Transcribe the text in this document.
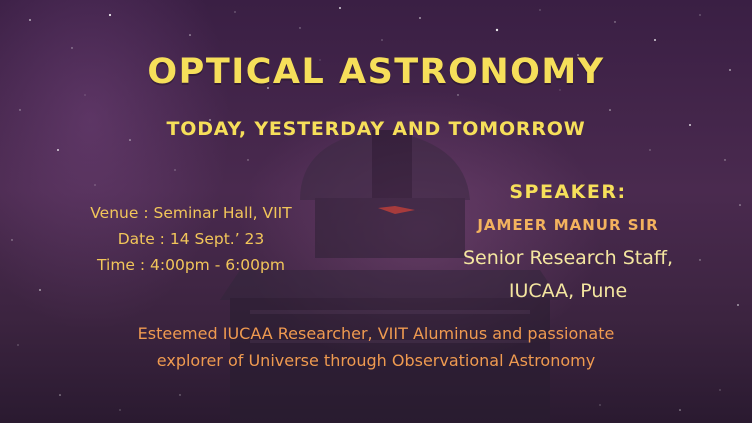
OPTICAL ASTRONOMY
TODAY, YESTERDAY AND TOMORROW
Venue : Seminar Hall, VIIT
Date : 14 Sept.’ 23
Time : 4:00pm - 6:00pm
SPEAKER:
JAMEER MANUR SIR
Senior Research Staff,
IUCAA, Pune
Esteemed IUCAA Researcher, VIIT Aluminus and passionate
explorer of Universe through Observational Astronomy
